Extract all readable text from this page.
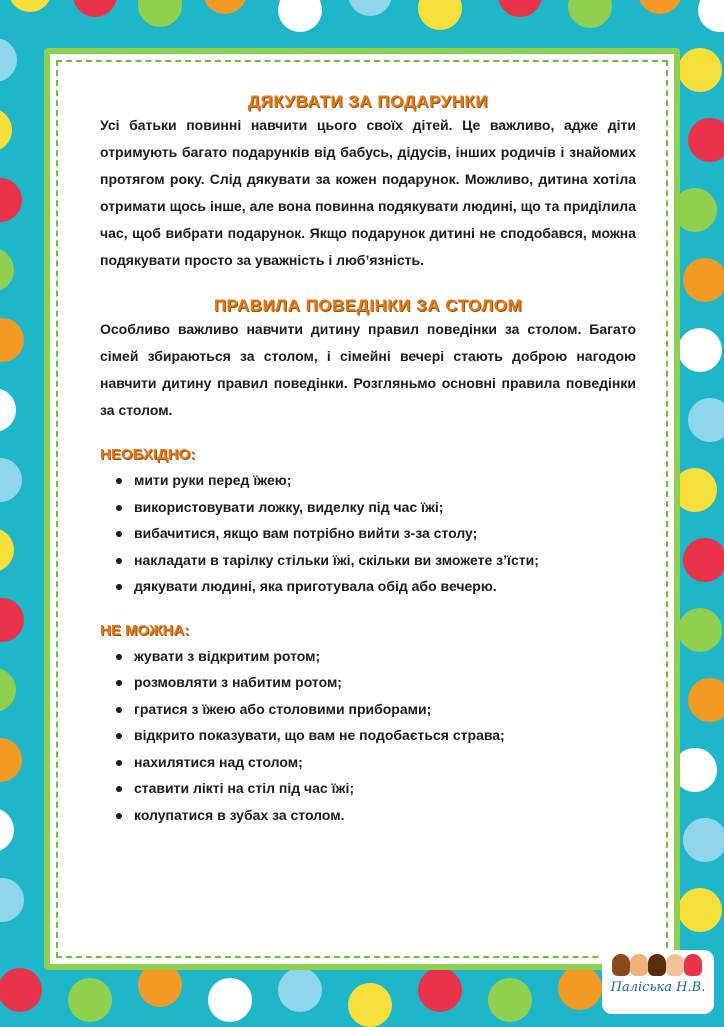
ДЯКУВАТИ ЗА ПОДАРУНКИ

Усі батьки повинні навчити цього своїх дітей. Це важливо, адже діти отримують багато подарунків від бабусь, дідусів, інших родичів і знайомих протягом року. Слід дякувати за кожен подарунок. Можливо, дитина хотіла отримати щось інше, але вона повинна подякувати людині, що та приділила час, щоб вибрати подарунок. Якщо подарунок дитині не сподобався, можна подякувати просто за уважність і люб’язність.

ПРАВИЛА ПОВЕДІНКИ ЗА СТОЛОМ

Особливо важливо навчити дитину правил поведінки за столом. Багато сімей збираються за столом, і сімейні вечері стають доброю нагодою навчити дитину правил поведінки. Розгляньмо основні правила поведінки за столом.

НЕОБХІДНО:
мити руки перед їжею;
використовувати ложку, виделку під час їжі;
вибачитися, якщо вам потрібно вийти з-за столу;
накладати в тарілку стільки їжі, скільки ви зможете з’їсти;
дякувати людині, яка приготувала обід або вечерю.
НЕ МОЖНА:
жувати з відкритим ротом;
розмовляти з набитим ротом;
гратися з їжею або столовими приборами;
відкрито показувати, що вам не подобається страва;
нахилятися над столом;
ставити лікті на стіл під час їжі;
колупатися в зубах за столом.
Паліська Н.В.
